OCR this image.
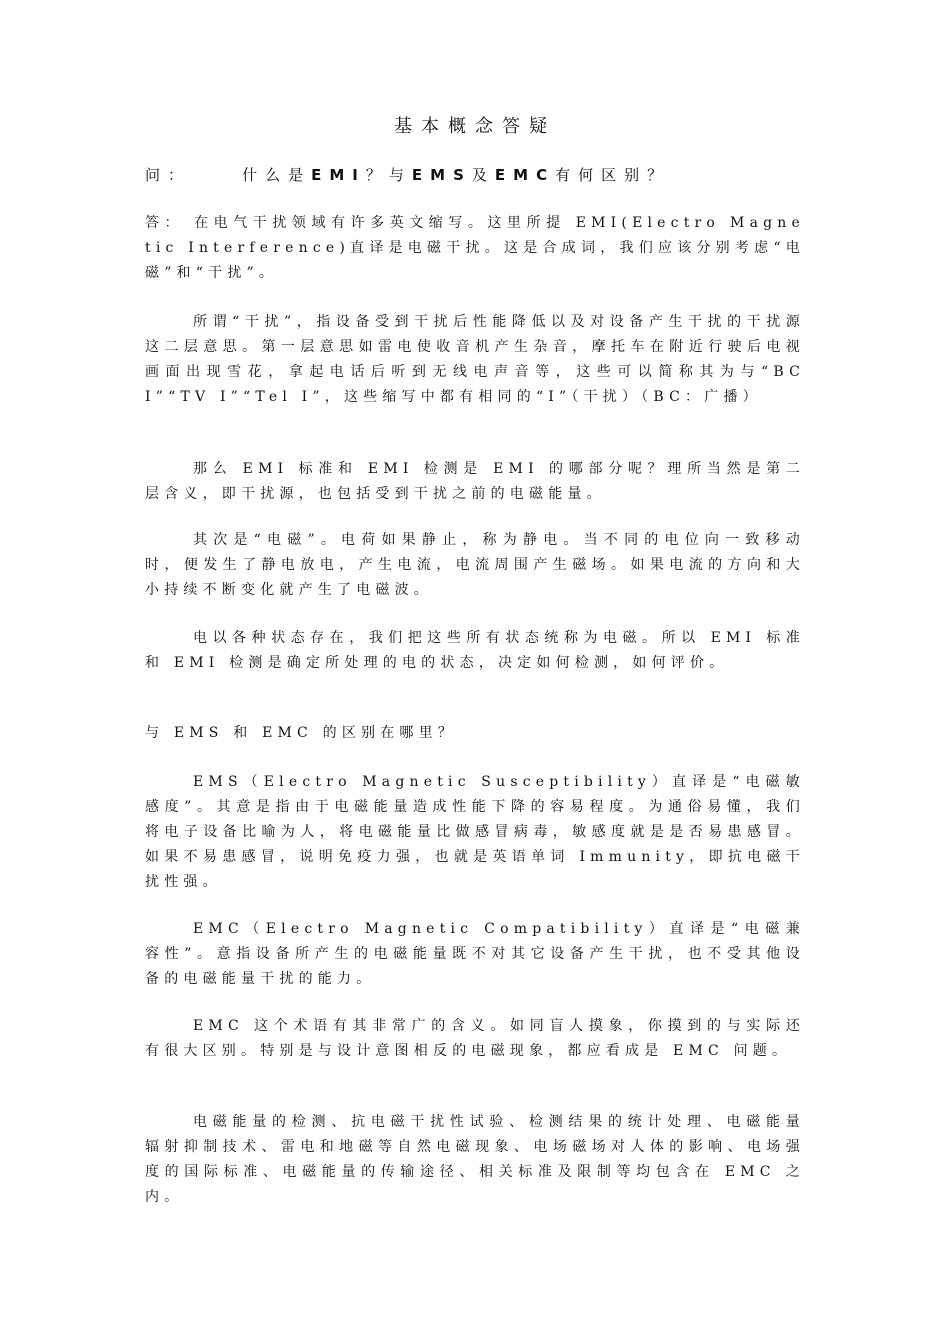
基本概念答疑
问：	什么是EMI？与EMS及EMC有何区别？
答： 在电气干扰领域有许多英文缩写。这里所提 EMI(Electro Magnetic Interference)直译是电磁干扰。这是合成词，我们应该分别考虑“电磁”和“干扰”。
所谓“干扰”，指设备受到干扰后性能降低以及对设备产生干扰的干扰源这二层意思。第一层意思如雷电使收音机产生杂音，摩托车在附近行驶后电视画面出现雪花，拿起电话后听到无线电声音等，这些可以简称其为与“BC I”“TV I”“Tel I”，这些缩写中都有相同的“I”（干扰）（BC：广播）
那么 EMI 标准和 EMI 检测是 EMI 的哪部分呢？理所当然是第二层含义，即干扰源，也包括受到干扰之前的电磁能量。
其次是“电磁”。电荷如果静止，称为静电。当不同的电位向一致移动时，便发生了静电放电，产生电流，电流周围产生磁场。如果电流的方向和大小持续不断变化就产生了电磁波。
电以各种状态存在，我们把这些所有状态统称为电磁。所以 EMI 标准和 EMI 检测是确定所处理的电的状态，决定如何检测，如何评价。
与 EMS 和 EMC 的区别在哪里？
EMS（Electro Magnetic Susceptibility）直译是“电磁敏感度”。其意是指由于电磁能量造成性能下降的容易程度。为通俗易懂，我们将电子设备比喻为人，将电磁能量比做感冒病毒，敏感度就是是否易患感冒。如果不易患感冒，说明免疫力强，也就是英语单词 Immunity，即抗电磁干扰性强。
EMC（Electro Magnetic Compatibility）直译是“电磁兼容性”。意指设备所产生的电磁能量既不对其它设备产生干扰，也不受其他设备的电磁能量干扰的能力。
EMC 这个术语有其非常广的含义。如同盲人摸象，你摸到的与实际还有很大区别。特别是与设计意图相反的电磁现象，都应看成是 EMC 问题。
电磁能量的检测、抗电磁干扰性试验、检测结果的统计处理、电磁能量辐射抑制技术、雷电和地磁等自然电磁现象、电场磁场对人体的影响、电场强度的国际标准、电磁能量的传输途径、相关标准及限制等均包含在 EMC 之内。
